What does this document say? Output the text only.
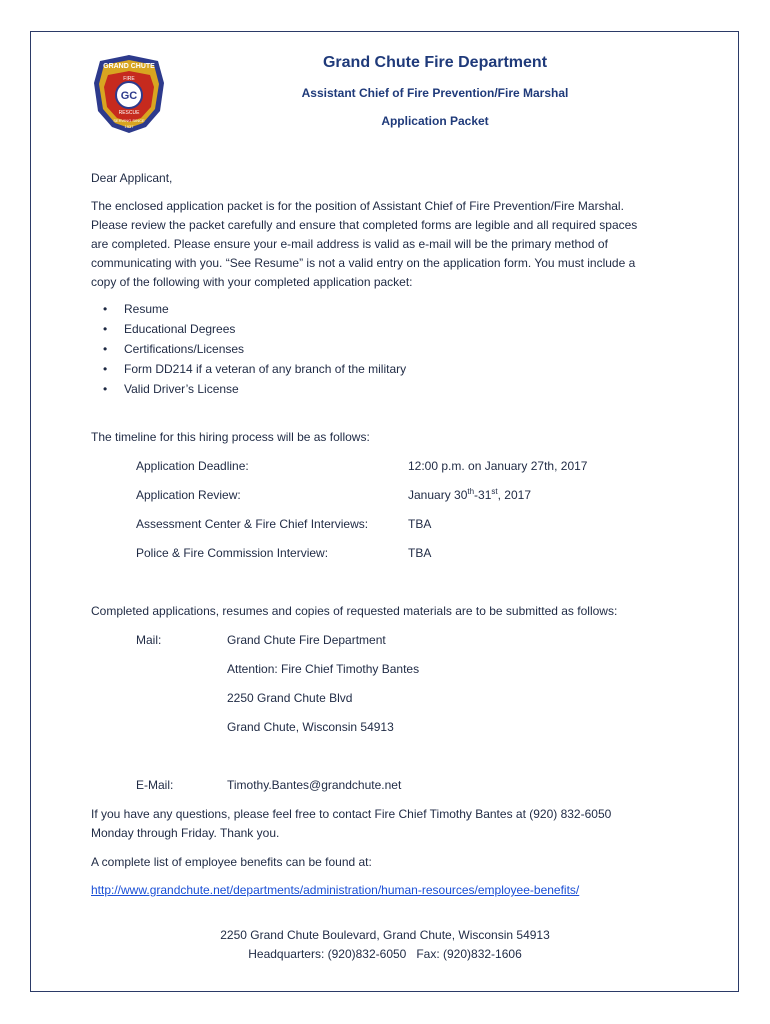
GRAND CHUTE
FIRE
GC
RESCUE
SERVING SINCE
1937
Grand Chute Fire Department
Assistant Chief of Fire Prevention/Fire Marshal
Application Packet
Dear Applicant,
The enclosed application packet is for the position of Assistant Chief of Fire Prevention/Fire Marshal.
Please review the packet carefully and ensure that completed forms are legible and all required spaces
are completed. Please ensure your e-mail address is valid as e-mail will be the primary method of
communicating with you. “See Resume” is not a valid entry on the application form. You must include a
copy of the following with your completed application packet:
• Resume
• Educational Degrees
• Certifications/Licenses
• Form DD214 if a veteran of any branch of the military
• Valid Driver’s License
The timeline for this hiring process will be as follows:
Application Deadline:	12:00 p.m. on January 27th, 2017
Application Review:	January 30th-31st, 2017
Assessment Center & Fire Chief Interviews:	TBA
Police & Fire Commission Interview:	TBA
Completed applications, resumes and copies of requested materials are to be submitted as follows:
Mail:	Grand Chute Fire Department
Attention: Fire Chief Timothy Bantes
2250 Grand Chute Blvd
Grand Chute, Wisconsin 54913
E-Mail:	Timothy.Bantes@grandchute.net
If you have any questions, please feel free to contact Fire Chief Timothy Bantes at (920) 832-6050
Monday through Friday. Thank you.
A complete list of employee benefits can be found at:
http://www.grandchute.net/departments/administration/human-resources/employee-benefits/
2250 Grand Chute Boulevard, Grand Chute, Wisconsin 54913
Headquarters: (920)832-6050   Fax: (920)832-1606
